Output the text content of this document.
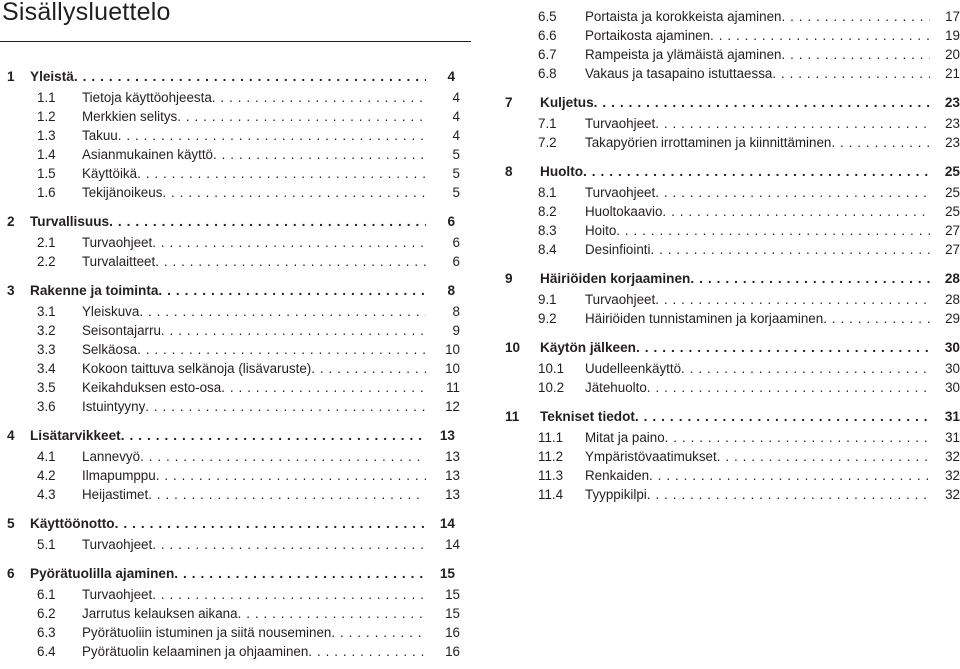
Sisällysluettelo
1	Yleistä . . .	4
1.1	Tietoja käyttöohjeesta . . .	4
1.2	Merkkien selitys . . .	4
1.3	Takuu . . .	4
1.4	Asianmukainen käyttö . . .	5
1.5	Käyttöikä . . .	5
1.6	Tekijänoikeus . . .	5
2	Turvallisuus . . .	6
2.1	Turvaohjeet . . .	6
2.2	Turvalaitteet . . .	6
3	Rakenne ja toiminta . . .	8
3.1	Yleiskuva . . .	8
3.2	Seisontajarru . . .	9
3.3	Selkäosa . . .	10
3.4	Kokoon taittuva selkänoja (lisävaruste) . . .	10
3.5	Keikahduksen esto-osa . . .	11
3.6	Istuintyyny . . .	12
4	Lisätarvikkeet . . .	13
4.1	Lannevyö . . .	13
4.2	Ilmapumppu . . .	13
4.3	Heijastimet . . .	13
5	Käyttöönotto . . .	14
5.1	Turvaohjeet . . .	14
6	Pyörätuolilla ajaminen . . .	15
6.1	Turvaohjeet . . .	15
6.2	Jarrutus kelauksen aikana . . .	15
6.3	Pyörätuoliin istuminen ja siitä nouseminen . . .	16
6.4	Pyörätuolin kelaaminen ja ohjaaminen . . .	16
6.5	Portaista ja korokkeista ajaminen . . .	17
6.6	Portaikosta ajaminen . . .	19
6.7	Rampeista ja ylämäistä ajaminen . . .	20
6.8	Vakaus ja tasapaino istuttaessa . . .	21
7	Kuljetus . . .	23
7.1	Turvaohjeet . . .	23
7.2	Takapyörien irrottaminen ja kiinnittäminen . . .	23
8	Huolto . . .	25
8.1	Turvaohjeet . . .	25
8.2	Huoltokaavio . . .	25
8.3	Hoito . . .	27
8.4	Desinfiointi . . .	27
9	Häiriöiden korjaaminen . . .	28
9.1	Turvaohjeet . . .	28
9.2	Häiriöiden tunnistaminen ja korjaaminen . . .	29
10	Käytön jälkeen . . .	30
10.1	Uudelleenkäyttö . . .	30
10.2	Jätehuolto . . .	30
11	Tekniset tiedot . . .	31
11.1	Mitat ja paino . . .	31
11.2	Ympäristövaatimukset . . .	32
11.3	Renkaiden . . .	32
11.4	Tyyppikilpi . . .	32
